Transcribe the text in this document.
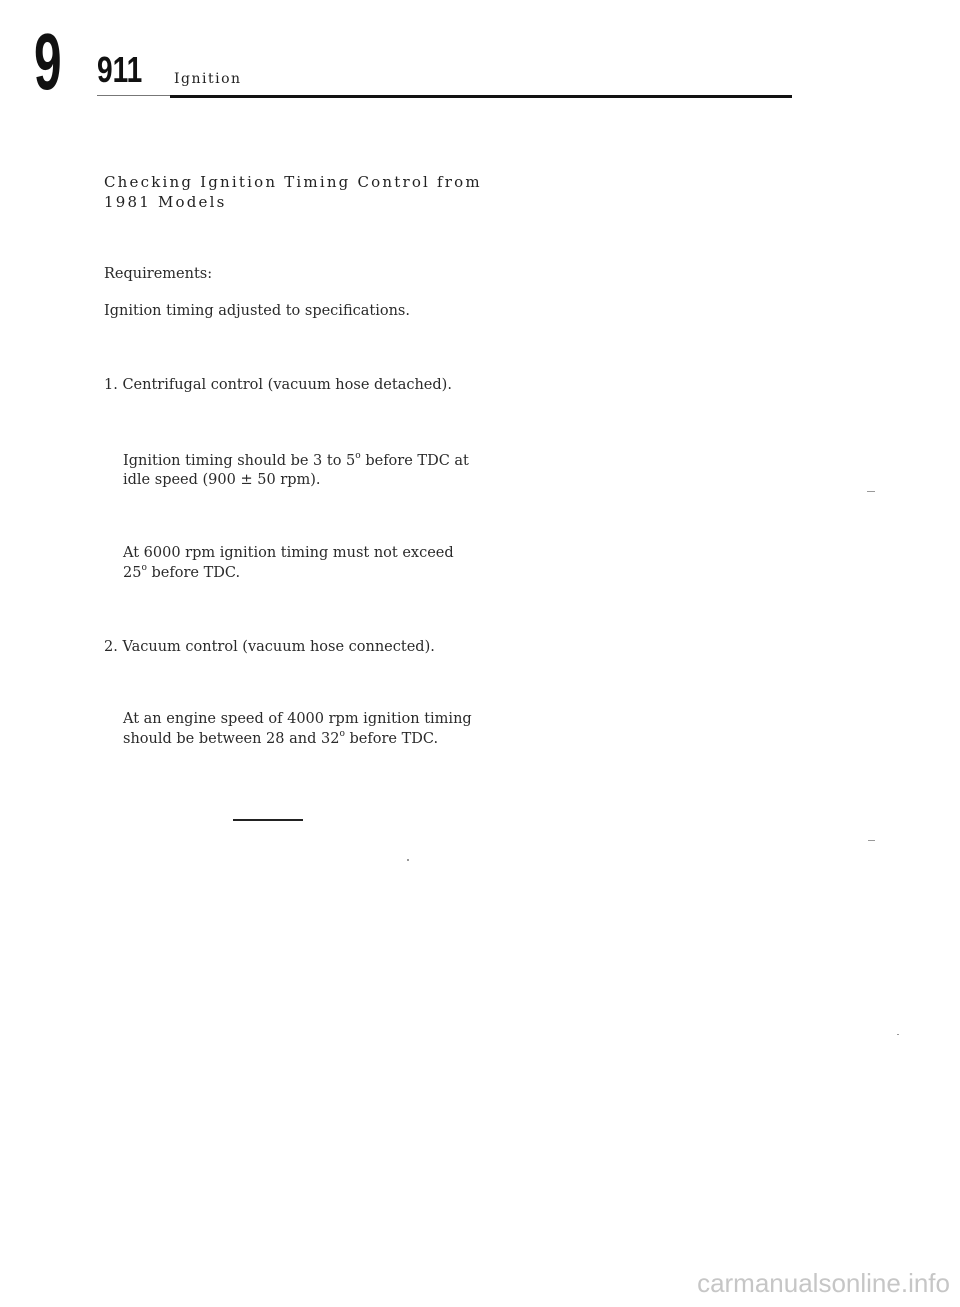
9 911 Ignition
Checking Ignition Timing Control from
1981 Models
Requirements:
Ignition timing adjusted to specifications.
1. Centrifugal control (vacuum hose detached).
Ignition timing should be 3 to 5$^o$ before TDC at
idle speed (900 ± 50 rpm).
At 6000 rpm ignition timing must not exceed
25$^o$ before TDC.
2. Vacuum control (vacuum hose connected).
At an engine speed of 4000 rpm ignition timing
should be between 28 and 32$^o$ before TDC.
carmanualsonline.info
